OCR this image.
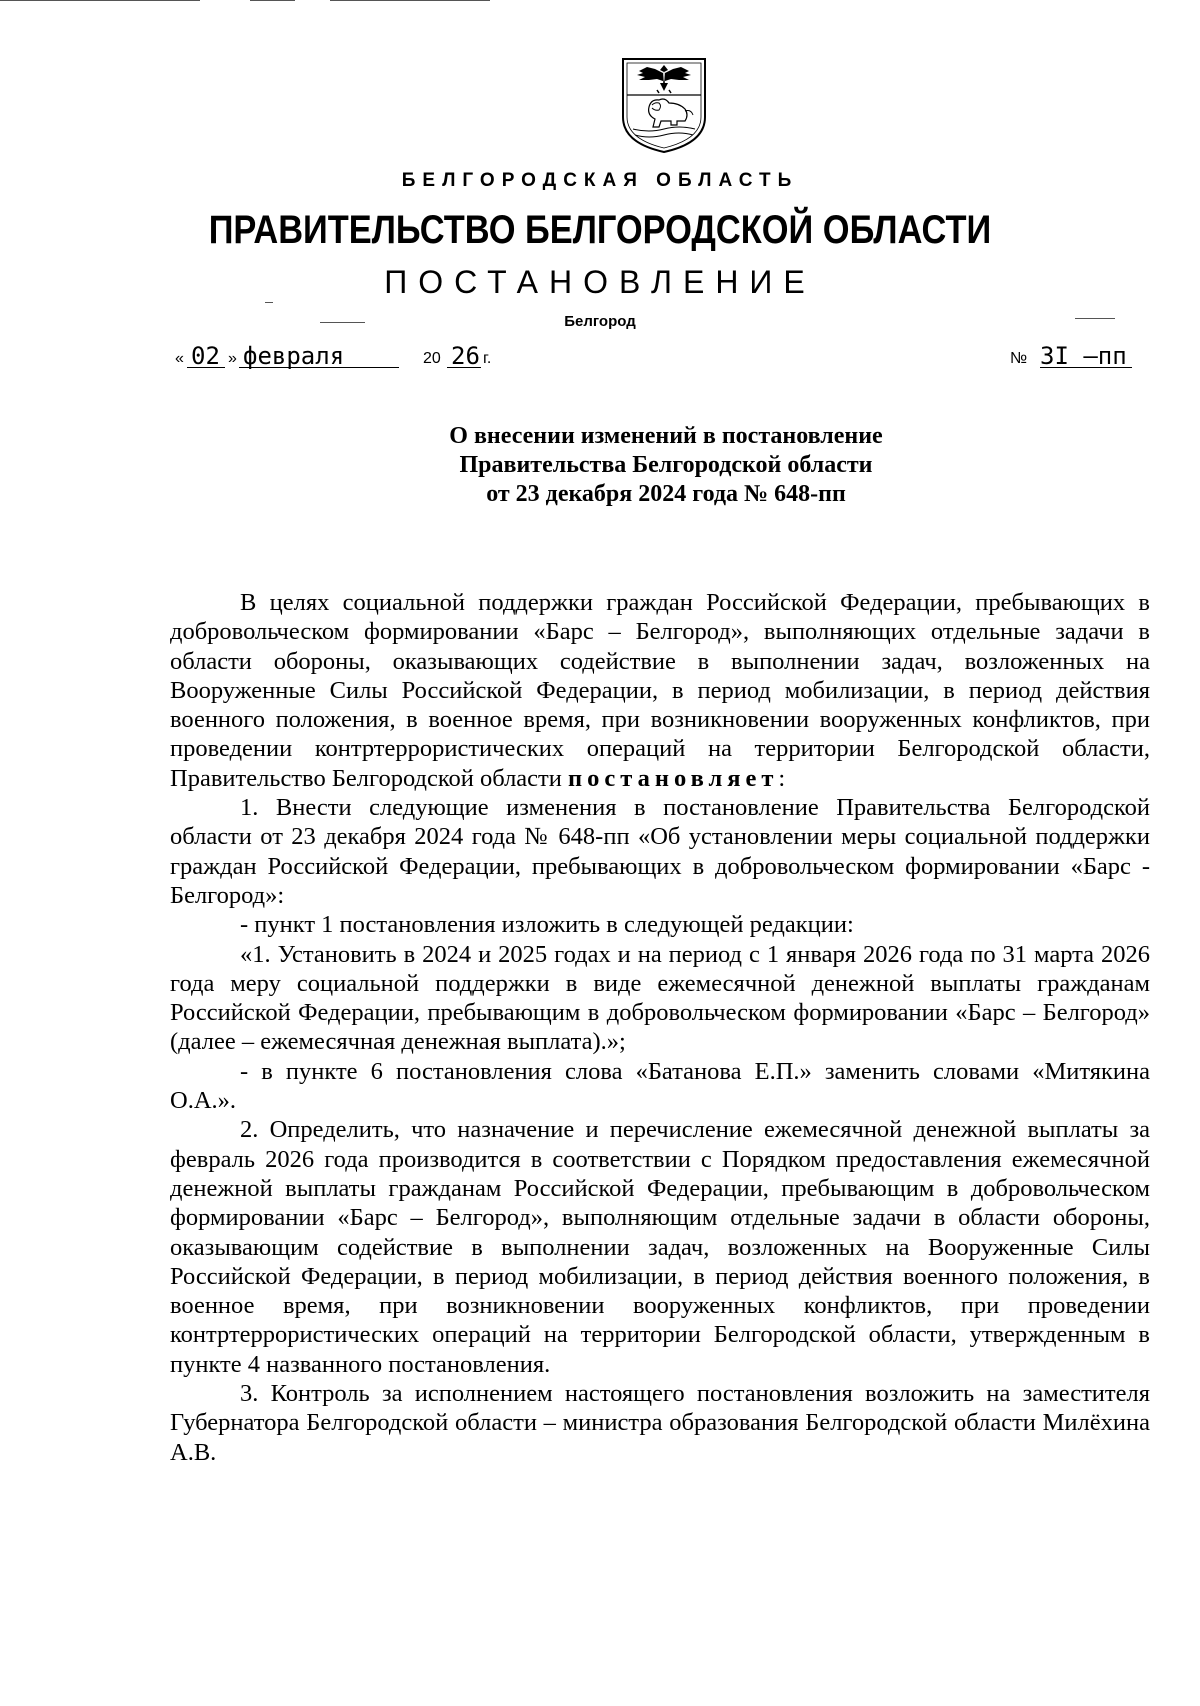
БЕЛГОРОДСКАЯ ОБЛАСТЬ
ПРАВИТЕЛЬСТВО БЕЛГОРОДСКОЙ ОБЛАСТИ
ПОСТАНОВЛЕНИЕ
Белгород
« 02 » февраля	20 26 г.	№ 3I –пп
О внесении изменений в постановление
Правительства Белгородской области
от 23 декабря 2024 года № 648-пп

В целях социальной поддержки граждан Российской Федерации, пребывающих в добровольческом формировании «Барс – Белгород», выполняющих отдельные задачи в области обороны, оказывающих содействие в выполнении задач, возложенных на Вооруженные Силы Российской Федерации, в период мобилизации, в период действия военного положения, в военное время, при возникновении вооруженных конфликтов, при проведении контртеррористических операций на территории Белгородской области, Правительство Белгородской области постановляет:

1. Внести следующие изменения в постановление Правительства Белгородской области от 23 декабря 2024 года № 648-пп «Об установлении меры социальной поддержки граждан Российской Федерации, пребывающих в добровольческом формировании «Барс - Белгород»:

- пункт 1 постановления изложить в следующей редакции:

«1. Установить в 2024 и 2025 годах и на период с 1 января 2026 года по 31 марта 2026 года меру социальной поддержки в виде ежемесячной денежной выплаты гражданам Российской Федерации, пребывающим в добровольческом формировании «Барс – Белгород» (далее – ежемесячная денежная выплата).»;

- в пункте 6 постановления слова «Батанова Е.П.» заменить словами «Митякина О.А.».

2. Определить, что назначение и перечисление ежемесячной денежной выплаты за февраль 2026 года производится в соответствии с Порядком предоставления ежемесячной денежной выплаты гражданам Российской Федерации, пребывающим в добровольческом формировании «Барс – Белгород», выполняющим отдельные задачи в области обороны, оказывающим содействие в выполнении задач, возложенных на Вооруженные Силы Российской Федерации, в период мобилизации, в период действия военного положения, в военное время, при возникновении вооруженных конфликтов, при проведении контртеррористических операций на территории Белгородской области, утвержденным в пункте 4 названного постановления.

3. Контроль за исполнением настоящего постановления возложить на заместителя Губернатора Белгородской области – министра образования Белгородской области Милёхина А.В.
